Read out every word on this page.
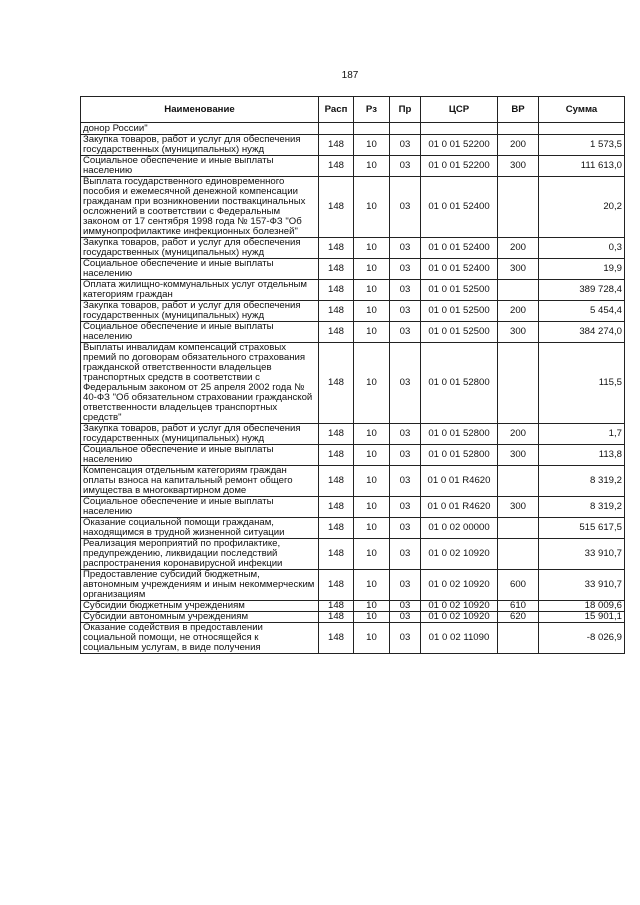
187
Наименование	Расп	Рз	Пр	ЦСР	ВР	Сумма
донор России"						
Закупка товаров, работ и услуг для обеспечения государственных (муниципальных) нужд	148	10	03	01 0 01 52200	200	1 573,5
Социальное обеспечение и иные выплаты населению	148	10	03	01 0 01 52200	300	111 613,0
Выплата государственного единовременного пособия и ежемесячной денежной компенсации гражданам при возникновении поствакцинальных осложнений в соответствии с Федеральным законом от 17 сентября 1998 года № 157-ФЗ "Об иммунопрофилактике инфекционных болезней"	148	10	03	01 0 01 52400		20,2
Закупка товаров, работ и услуг для обеспечения государственных (муниципальных) нужд	148	10	03	01 0 01 52400	200	0,3
Социальное обеспечение и иные выплаты населению	148	10	03	01 0 01 52400	300	19,9
Оплата жилищно-коммунальных услуг отдельным категориям граждан	148	10	03	01 0 01 52500		389 728,4
Закупка товаров, работ и услуг для обеспечения государственных (муниципальных) нужд	148	10	03	01 0 01 52500	200	5 454,4
Социальное обеспечение и иные выплаты населению	148	10	03	01 0 01 52500	300	384 274,0
Выплаты инвалидам компенсаций страховых премий по договорам обязательного страхования гражданской ответственности владельцев транспортных средств в соответствии с Федеральным законом от 25 апреля 2002 года № 40-ФЗ "Об обязательном страховании гражданской ответственности владельцев транспортных средств"	148	10	03	01 0 01 52800		115,5
Закупка товаров, работ и услуг для обеспечения государственных (муниципальных) нужд	148	10	03	01 0 01 52800	200	1,7
Социальное обеспечение и иные выплаты населению	148	10	03	01 0 01 52800	300	113,8
Компенсация отдельным категориям граждан оплаты взноса на капитальный ремонт общего имущества в многоквартирном доме	148	10	03	01 0 01 R4620		8 319,2
Социальное обеспечение и иные выплаты населению	148	10	03	01 0 01 R4620	300	8 319,2
Оказание социальной помощи гражданам, находящимся в трудной жизненной ситуации	148	10	03	01 0 02 00000		515 617,5
Реализация мероприятий по профилактике, предупреждению, ликвидации последствий распространения коронавирусной инфекции	148	10	03	01 0 02 10920		33 910,7
Предоставление субсидий бюджетным, автономным учреждениям и иным некоммерческим организациям	148	10	03	01 0 02 10920	600	33 910,7
Субсидии бюджетным учреждениям	148	10	03	01 0 02 10920	610	18 009,6
Субсидии автономным учреждениям	148	10	03	01 0 02 10920	620	15 901,1
Оказание содействия в предоставлении социальной помощи, не относящейся к социальным услугам, в виде получения	148	10	03	01 0 02 11090		-8 026,9
